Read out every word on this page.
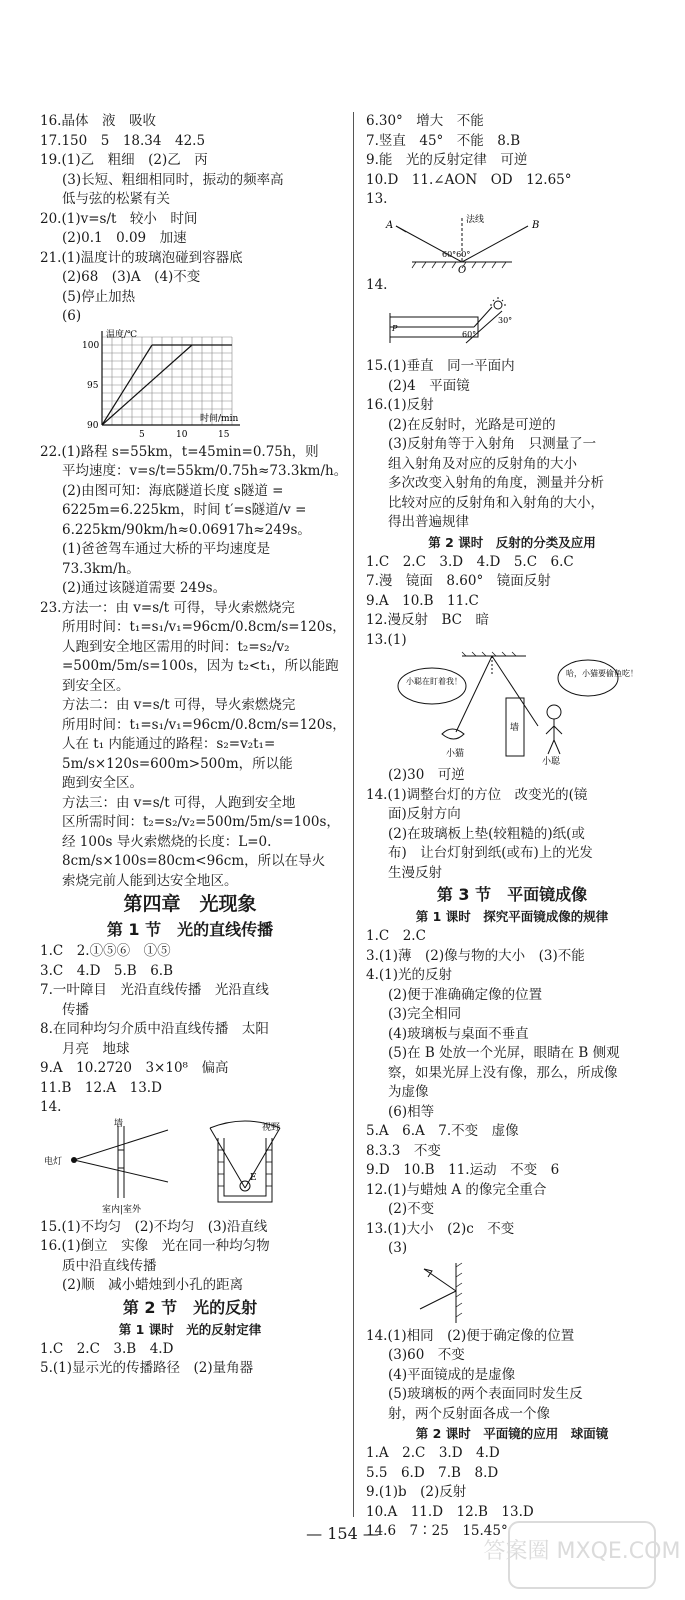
16.晶体　液　吸收
17.150　5　18.34　42.5
19.(1)乙　粗细　(2)乙　丙
(3)长短、粗细相同时，振动的频率高
低与弦的松紧有关
20.(1)v=s/t　较小　时间
(2)0.1　0.09　加速
21.(1)温度计的玻璃泡碰到容器底
(2)68　(3)A　(4)不变
(5)停止加热
(6)
温度/℃
时间/min
100
95
90
5	10	15
22.(1)路程 s=55km，t=45min=0.75h，则
平均速度：v=s/t=55km/0.75h≈73.3km/h。
(2)由图可知：海底隧道长度 s隧道 =
6225m=6.225km，时间 t′=s隧道/v =
6.225km/90km/h≈0.06917h≈249s。
(1)爸爸驾车通过大桥的平均速度是
73.3km/h。
(2)通过该隧道需要 249s。
23.方法一：由 v=s/t 可得，导火索燃烧完
所用时间：t₁=s₁/v₁=96cm/0.8cm/s=120s，
人跑到安全地区需用的时间：t₂=s₂/v₂
=500m/5m/s=100s，因为 t₂<t₁，所以能跑
到安全区。
方法二：由 v=s/t 可得，导火索燃烧完
所用时间：t₁=s₁/v₁=96cm/0.8cm/s=120s，
人在 t₁ 内能通过的路程：s₂=v₂t₁=
5m/s×120s=600m>500m，所以能
跑到安全区。
方法三：由 v=s/t 可得，人跑到安全地
区所需时间：t₂=s₂/v₂=500m/5m/s=100s，
经 100s 导火索燃烧的长度：L=0.
8cm/s×100s=80cm<96cm，所以在导火
索烧完前人能到达安全地区。
第四章　光现象
第 1 节　光的直线传播
1.C　2.①⑤⑥　①⑤
3.C　4.D　5.B　6.B
7.一叶障目　光沿直线传播　光沿直线
传播
8.在同种均匀介质中沿直线传播　太阳
月亮　地球
9.A　10.2720　3×10⁸　偏高
11.B　12.A　13.D
14.
墙
电灯
室内|室外
视野
E
15.(1)不均匀　(2)不均匀　(3)沿直线
16.(1)倒立　实像　光在同一种均匀物
质中沿直线传播
(2)顺　减小蜡烛到小孔的距离
第 2 节　光的反射
第 1 课时　光的反射定律
1.C　2.C　3.B　4.D
5.(1)显示光的传播路径　(2)量角器
6.30°　增大　不能
7.竖直　45°　不能　8.B
9.能　光的反射定律　可逆
10.D　11.∠AON　OD　12.65°
13.
法线
A	B
O
60°60°
14.
P
30°
60°
15.(1)垂直　同一平面内
(2)4　平面镜
16.(1)反射
(2)在反射时，光路是可逆的
(3)反射角等于入射角　只测量了一
组入射角及对应的反射角的大小
多次改变入射角的角度，测量并分析
比较对应的反射角和入射角的大小，
得出普遍规律
第 2 课时　反射的分类及应用
1.C　2.C　3.D　4.D　5.C　6.C
7.漫　镜面　8.60°　镜面反射
9.A　10.B　11.C
12.漫反射　BC　暗
13.(1)
小聪在盯着我！
哈，小猫要偷鱼吃！
墙
小猫
小聪
(2)30　可逆
14.(1)调整台灯的方位　改变光的(镜
面)反射方向
(2)在玻璃板上垫(较粗糙的)纸(或
布)　让台灯射到纸(或布)上的光发
生漫反射
第 3 节　平面镜成像
第 1 课时　探究平面镜成像的规律
1.C　2.C
3.(1)薄　(2)像与物的大小　(3)不能
4.(1)光的反射
(2)便于准确确定像的位置
(3)完全相同
(4)玻璃板与桌面不垂直
(5)在 B 处放一个光屏，眼睛在 B 侧观
察，如果光屏上没有像，那么，所成像
为虚像
(6)相等
5.A　6.A　7.不变　虚像
8.3.3　不变
9.D　10.B　11.运动　不变　6
12.(1)与蜡烛 A 的像完全重合
(2)不变
13.(1)大小　(2)c　不变
(3)
14.(1)相同　(2)便于确定像的位置
(3)60　不变
(4)平面镜成的是虚像
(5)玻璃板的两个表面同时发生反
射，两个反射面各成一个像
第 2 课时　平面镜的应用　球面镜
1.A　2.C　3.D　4.D
5.5　6.D　7.B　8.D
9.(1)b　(2)反射
10.A　11.D　12.B　13.D
14.6　7∶25　15.45°
— 154 —
答案圈 MXQE.COM
